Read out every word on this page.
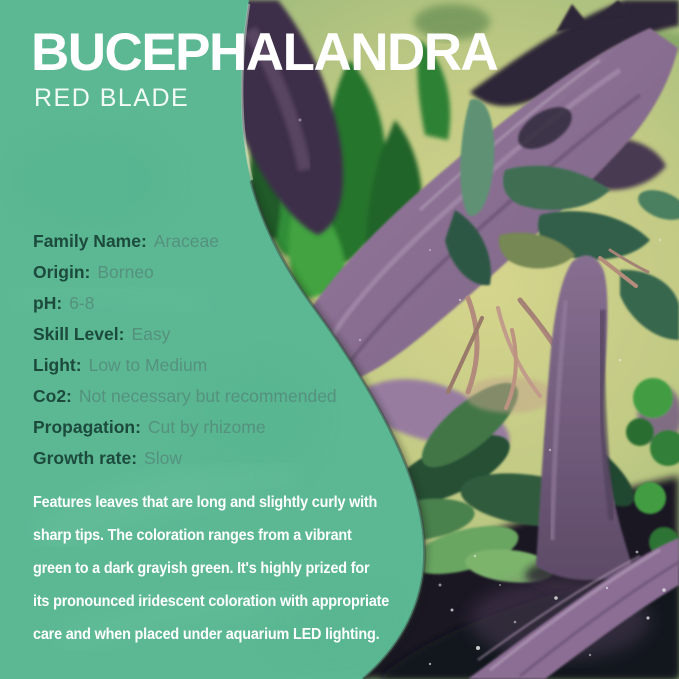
BUCEPHALANDRA
RED BLADE
Family Name: Araceae
Origin: Borneo
pH: 6-8
Skill Level: Easy
Light: Low to Medium
Co2: Not necessary but recommended
Propagation: Cut by rhizome
Growth rate: Slow
Features leaves that are long and slightly curly with
sharp tips. The coloration ranges from a vibrant
green to a dark grayish green. It's highly prized for
its pronounced iridescent coloration with appropriate
care and when placed under aquarium LED lighting.
